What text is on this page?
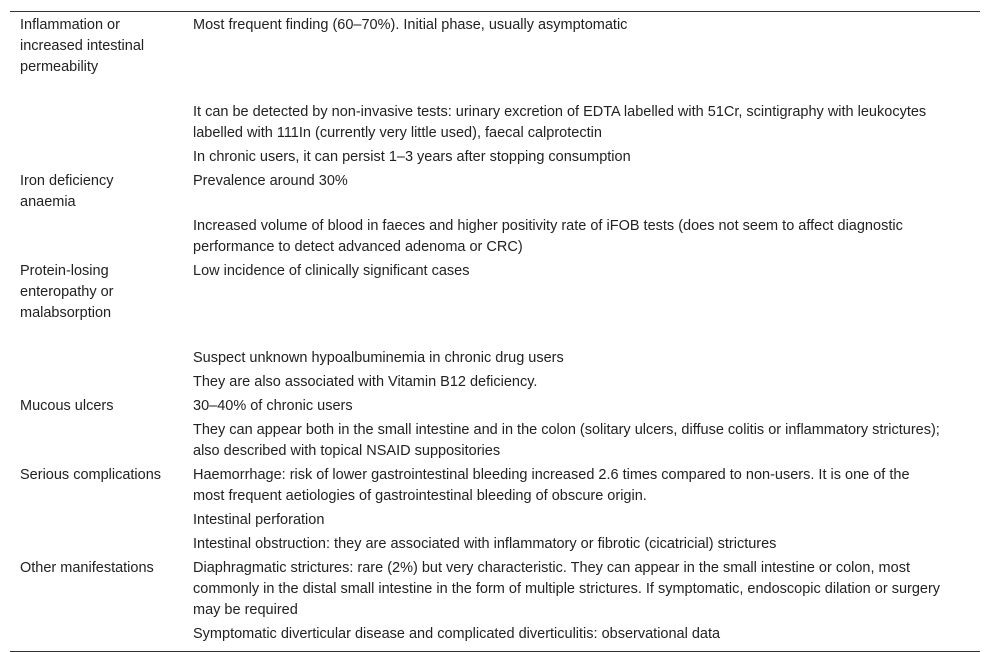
Inflammation or increased intestinal permeability	Most frequent finding (60–70%). Initial phase, usually asymptomatic
	It can be detected by non-invasive tests: urinary excretion of EDTA labelled with 51Cr, scintigraphy with leukocytes labelled with 111In (currently very little used), faecal calprotectin
	In chronic users, it can persist 1–3 years after stopping consumption
Iron deficiency anaemia	Prevalence around 30%
	Increased volume of blood in faeces and higher positivity rate of iFOB tests (does not seem to affect diagnostic performance to detect advanced adenoma or CRC)
Protein-losing enteropathy or malabsorption	Low incidence of clinically significant cases
	Suspect unknown hypoalbuminemia in chronic drug users
	They are also associated with Vitamin B12 deficiency.
Mucous ulcers	30–40% of chronic users
	They can appear both in the small intestine and in the colon (solitary ulcers, diffuse colitis or inflammatory strictures); also described with topical NSAID suppositories
Serious complications	Haemorrhage: risk of lower gastrointestinal bleeding increased 2.6 times compared to non-users. It is one of the most frequent aetiologies of gastrointestinal bleeding of obscure origin.
	Intestinal perforation
	Intestinal obstruction: they are associated with inflammatory or fibrotic (cicatricial) strictures
Other manifestations	Diaphragmatic strictures: rare (2%) but very characteristic. They can appear in the small intestine or colon, most commonly in the distal small intestine in the form of multiple strictures. If symptomatic, endoscopic dilation or surgery may be required
	Symptomatic diverticular disease and complicated diverticulitis: observational data
